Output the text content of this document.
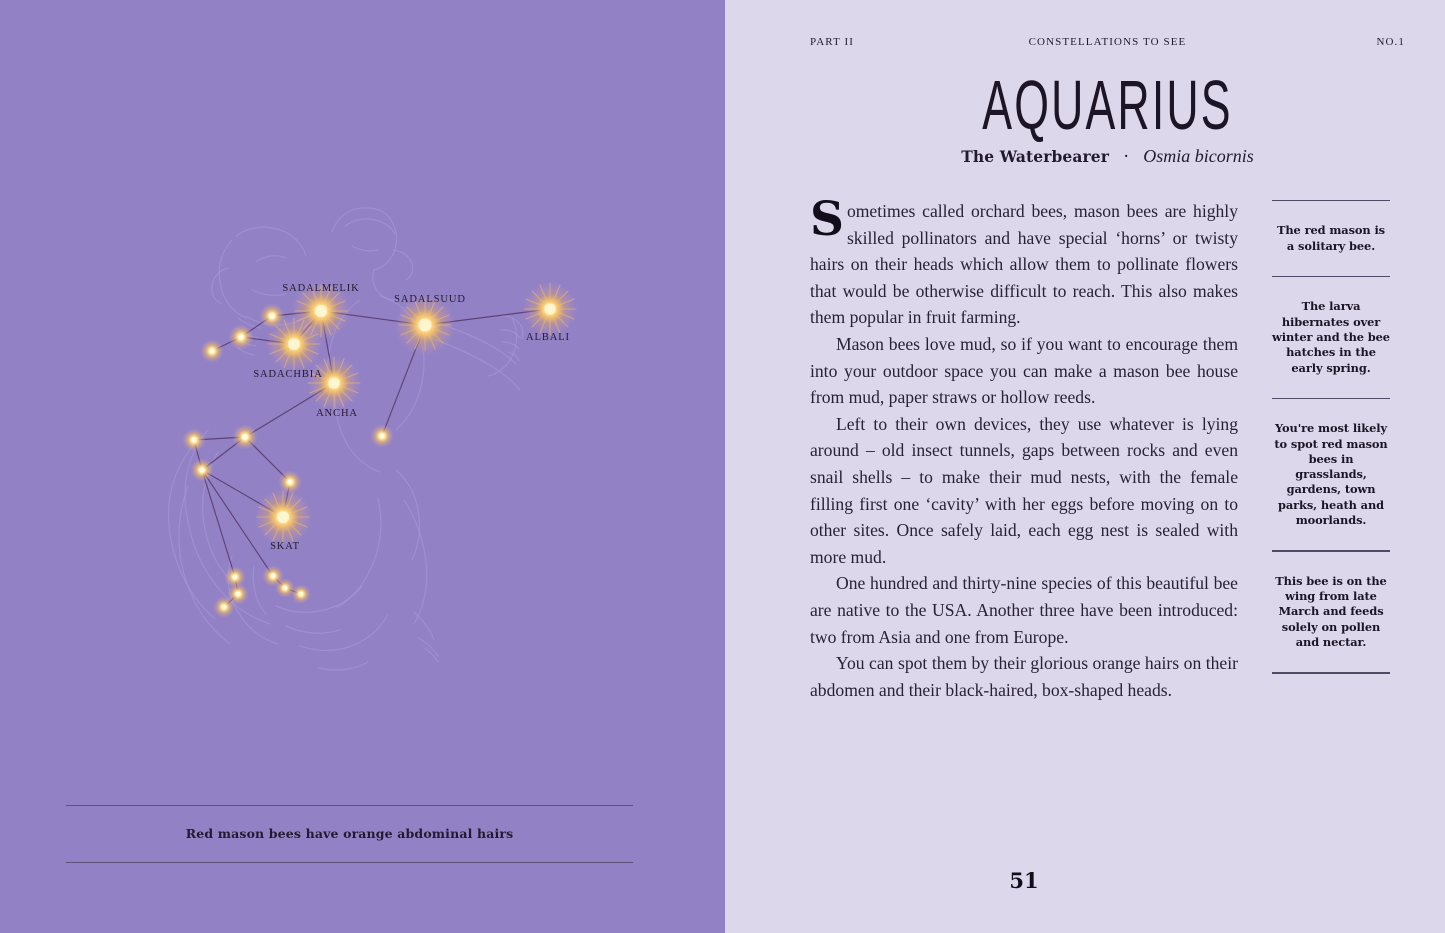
SADALMELIK
SADALSUUD
ALBALI
SADACHBIA
ANCHA
SKAT
Red mason bees have orange abdominal hairs
PART II	CONSTELLATIONS TO SEE	NO.1
AQUARIUS
The Waterbearer · Osmia bicornis

Sometimes called orchard bees, mason bees are highly skilled pollinators and have special ‘horns’ or twisty hairs on their heads which allow them to pollinate flowers that would be otherwise difficult to reach. This also makes them popular in fruit farming.

Mason bees love mud, so if you want to encourage them into your outdoor space you can make a mason bee house from mud, paper straws or hollow reeds.

Left to their own devices, they use whatever is lying around – old insect tunnels, gaps between rocks and even snail shells – to make their mud nests, with the female filling first one ‘cavity’ with her eggs before moving on to other sites. Once safely laid, each egg nest is sealed with more mud.

One hundred and thirty-nine species of this beautiful bee are native to the USA. Another three have been introduced: two from Asia and one from Europe.

You can spot them by their glorious orange hairs on their abdomen and their black-haired, box-shaped heads.

The red mason is a solitary bee.
The larva hibernates over winter and the bee hatches in the early spring.
You're most likely to spot red mason bees in grasslands, gardens, town parks, heath and moorlands.
This bee is on the wing from late March and feeds solely on pollen and nectar.
51
